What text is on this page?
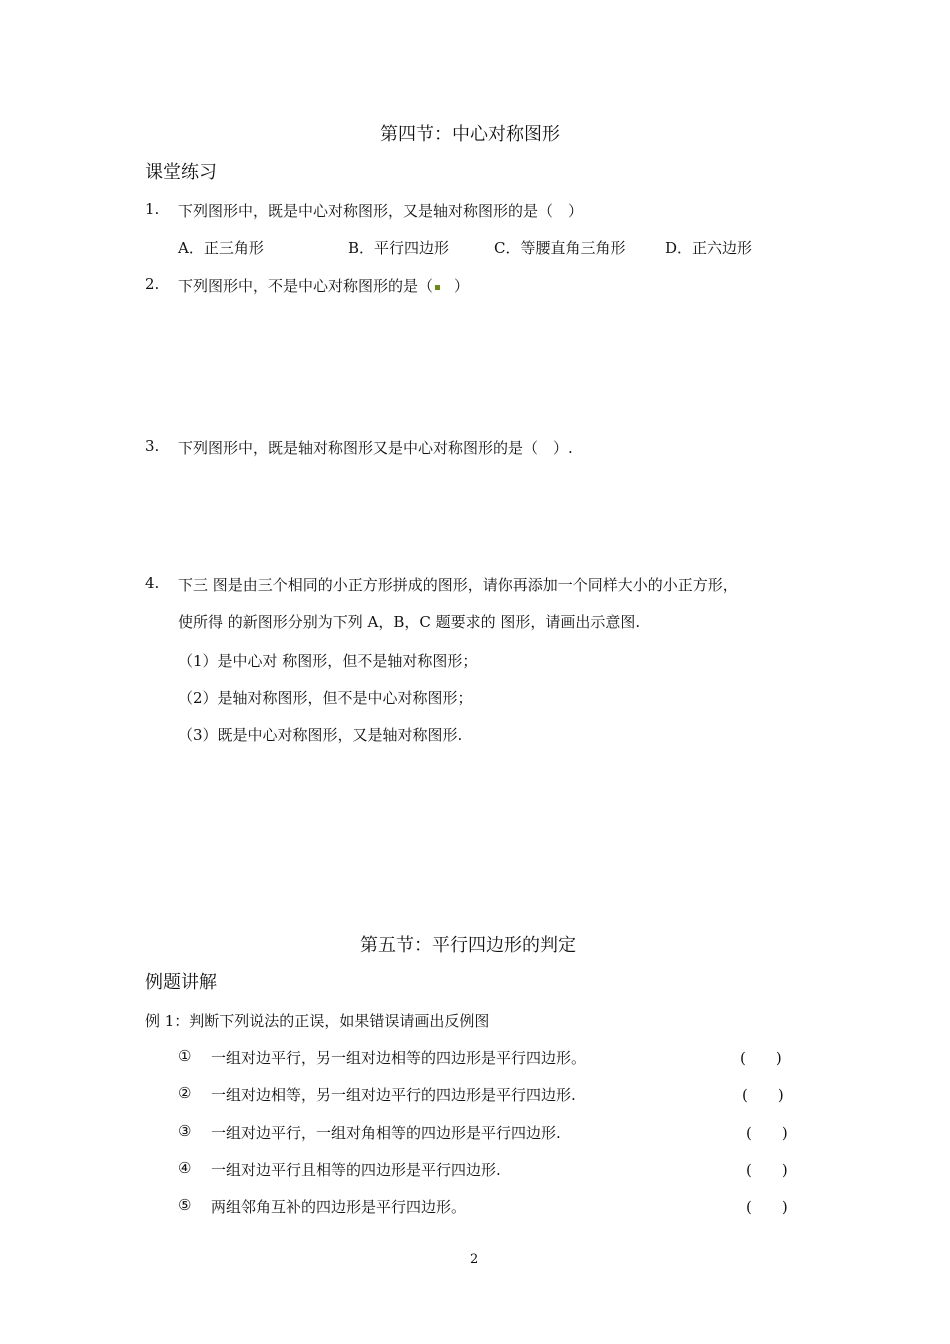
第四节：中心对称图形
课堂练习
1. 下列图形中，既是中心对称图形，又是轴对称图形的是（　）
A．正三角形	B．平行四边形	C．等腰直角三角形	D．正六边形
2. 下列图形中，不是中心对称图形的是（ ）
3. 下列图形中，既是轴对称图形又是中心对称图形的是（　）.
4. 下三 图是由三个相同的小正方形拼成的图形，请你再添加一个同样大小的小正方形，
使所得 的新图形分别为下列 A，B，C 题要求的 图形，请画出示意图.
（1）是中心对 称图形，但不是轴对称图形；
（2）是轴对称图形，但不是中心对称图形；
（3）既是中心对称图形，又是轴对称图形.
第五节：平行四边形的判定
例题讲解
例 1：判断下列说法的正误，如果错误请画出反例图
① 一组对边平行，另一组对边相等的四边形是平行四边形。	(　　)
② 一组对边相等，另一组对边平行的四边形是平行四边形.	(　　)
③ 一组对边平行，一组对角相等的四边形是平行四边形.	(　　)
④ 一组对边平行且相等的四边形是平行四边形.	(　　)
⑤ 两组邻角互补的四边形是平行四边形。	(　　)
2
